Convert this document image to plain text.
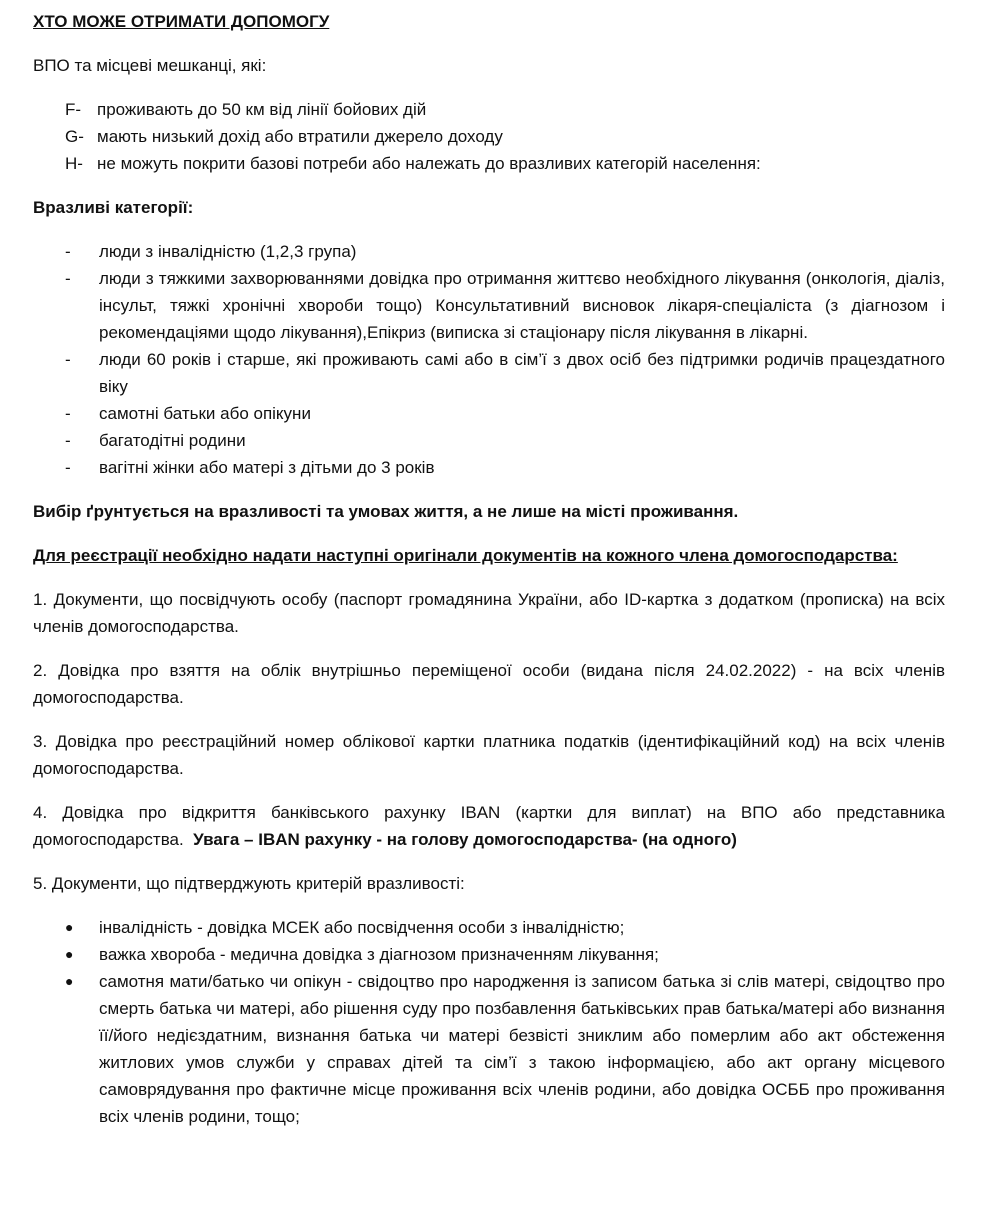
ХТО МОЖЕ ОТРИМАТИ ДОПОМОГУ

ВПО та місцеві мешканці, які:

F- проживають до 50 км від лінії бойових дій
G- мають низький дохід або втратили джерело доходу
H- не можуть покрити базові потреби або належать до вразливих категорій населення:

Вразливі категорії:

-	люди з інвалідністю (1,2,3 група)
-	люди з тяжкими захворюваннями довідка про отримання життєво необхідного лікування (онкологія, діаліз, інсульт, тяжкі хронічні хвороби тощо) Консультативний висновок лікаря-спеціаліста (з діагнозом і рекомендаціями щодо лікування),Епікриз (виписка зі стаціонару після лікування в лікарні.
-	люди 60 років і старше, які проживають самі або в сім’ї з двох осіб без підтримки родичів працездатного віку
-	самотні батьки або опікуни
-	багатодітні родини
-	вагітні жінки або матері з дітьми до 3 років

Вибір ґрунтується на вразливості та умовах життя, а не лише на місті проживання.

Для реєстрації необхідно надати наступні оригінали документів на кожного члена домогосподарства:

1. Документи, що посвідчують особу (паспорт громадянина України, або ID-картка з додатком (прописка) на всіх членів домогосподарства.

2. Довідка про взяття на облік внутрішньо переміщеної особи (видана після 24.02.2022) - на всіх членів домогосподарства.

3. Довідка про реєстраційний номер облікової картки платника податків (ідентифікаційний код) на всіх членів домогосподарства.

4. Довідка про відкриття банківського рахунку IBAN (картки для виплат) на ВПО або представника домогосподарства. Увага – IBAN рахунку - на голову домогосподарства- (на одного)

5. Документи, що підтверджують критерій вразливості:

●	інвалідність - довідка МСЕК або посвідчення особи з інвалідністю;
●	важка хвороба - медична довідка з діагнозом призначенням лікування;
●	самотня мати/батько чи опікун - свідоцтво про народження із записом батька зі слів матері, свідоцтво про смерть батька чи матері, або рішення суду про позбавлення батьківських прав батька/матері або визнання її/його недієздатним, визнання батька чи матері безвісті зниклим або померлим або акт обстеження житлових умов служби у справах дітей та сім’ї з такою інформацією, або акт органу місцевого самоврядування про фактичне місце проживання всіх членів родини, або довідка ОСББ про проживання всіх членів родини, тощо;
